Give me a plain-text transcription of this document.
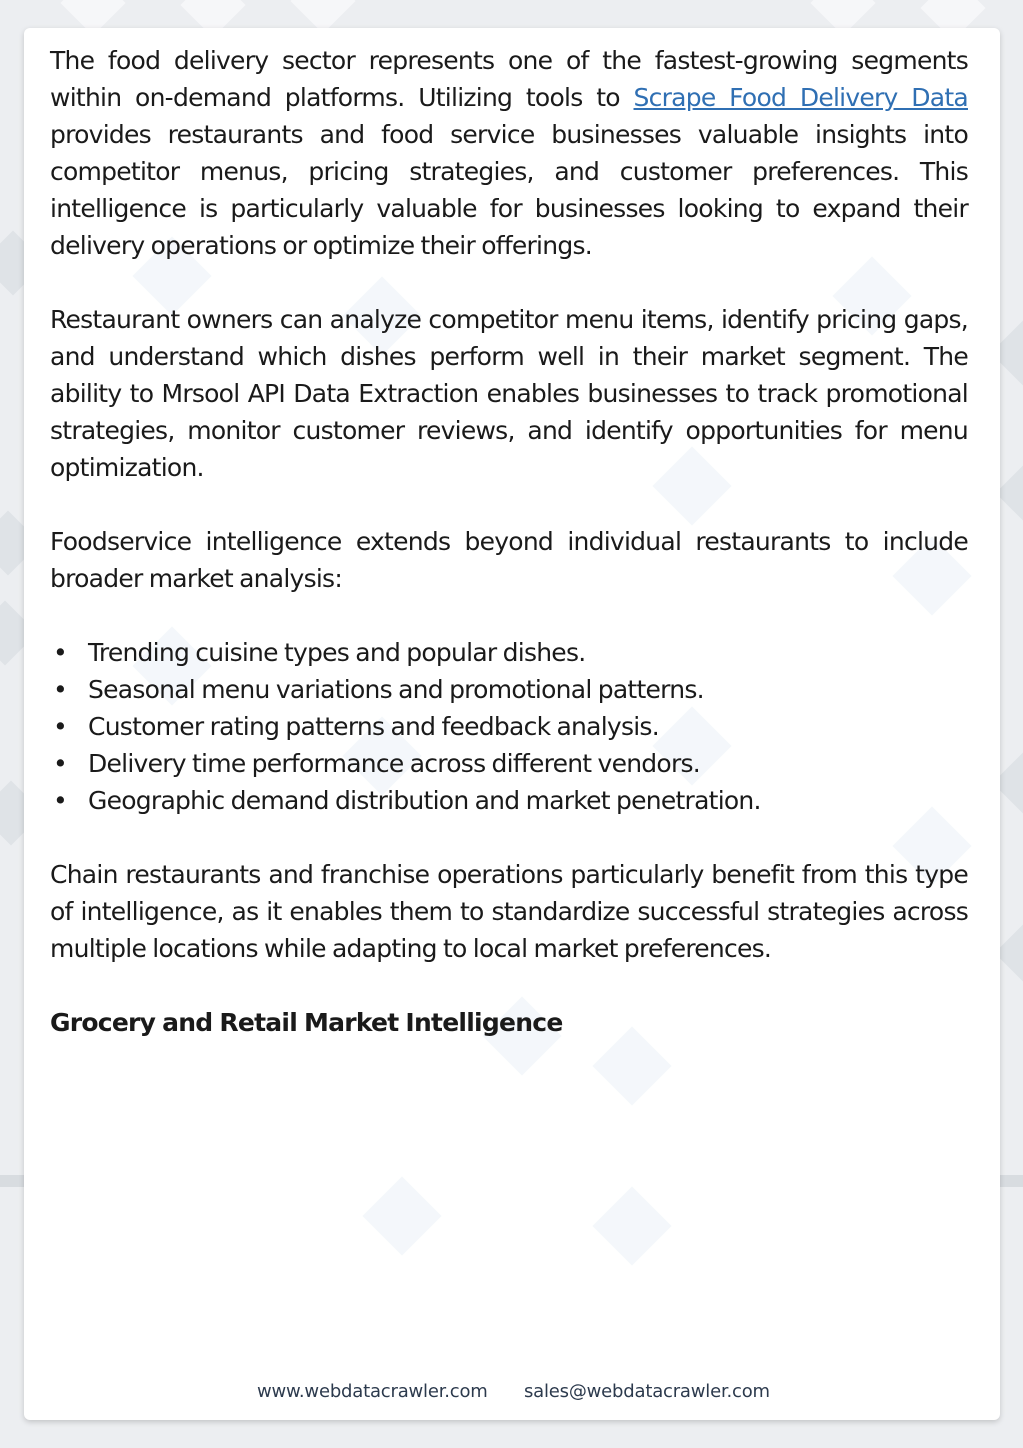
The food delivery sector represents one of the fastest-growing segments within on-demand platforms. Utilizing tools to Scrape Food Delivery Data provides restaurants and food service businesses valuable insights into competitor menus, pricing strategies, and customer preferences. This intelligence is particularly valuable for businesses looking to expand their delivery operations or optimize their offerings.

Restaurant owners can analyze competitor menu items, identify pricing gaps, and understand which dishes perform well in their market segment. The ability to Mrsool API Data Extraction enables businesses to track promotional strategies, monitor customer reviews, and identify opportunities for menu optimization.

Foodservice intelligence extends beyond individual restaurants to include broader market analysis:

• Trending cuisine types and popular dishes.
• Seasonal menu variations and promotional patterns.
• Customer rating patterns and feedback analysis.
• Delivery time performance across different vendors.
• Geographic demand distribution and market penetration.

Chain restaurants and franchise operations particularly benefit from this type of intelligence, as it enables them to standardize successful strategies across multiple locations while adapting to local market preferences.

Grocery and Retail Market Intelligence
www.webdatacrawler.com sales@webdatacrawler.com
